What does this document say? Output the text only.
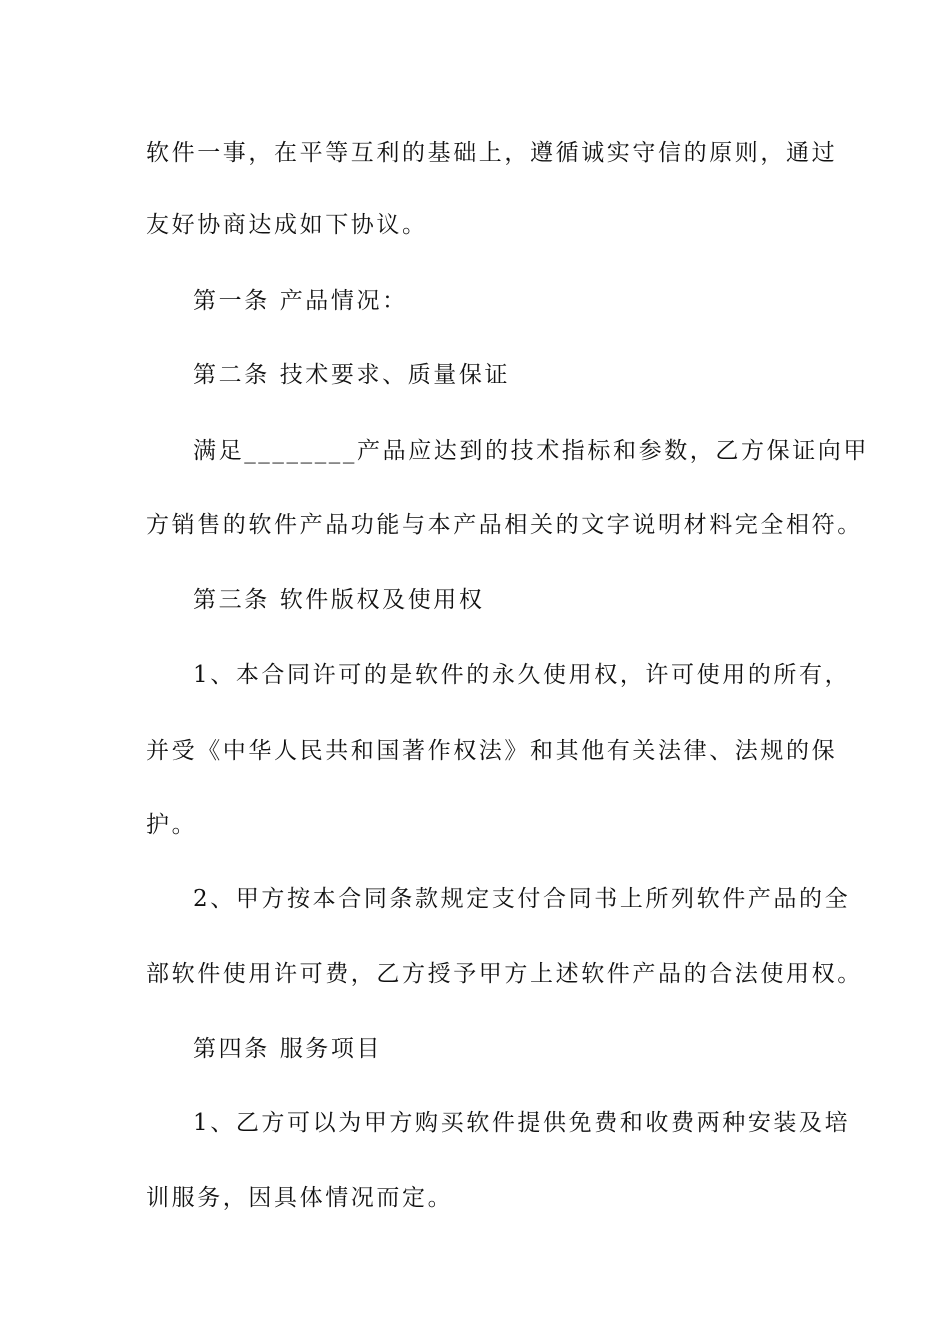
软件一事，在平等互利的基础上，遵循诚实守信的原则，通过
友好协商达成如下协议。
第一条 产品情况：
第二条 技术要求、质量保证
满足________产品应达到的技术指标和参数，乙方保证向甲
方销售的软件产品功能与本产品相关的文字说明材料完全相符。
第三条 软件版权及使用权
1、本合同许可的是软件的永久使用权，许可使用的所有，
并受《中华人民共和国著作权法》和其他有关法律、法规的保
护。
2、甲方按本合同条款规定支付合同书上所列软件产品的全
部软件使用许可费，乙方授予甲方上述软件产品的合法使用权。
第四条 服务项目
1、乙方可以为甲方购买软件提供免费和收费两种安装及培
训服务，因具体情况而定。
